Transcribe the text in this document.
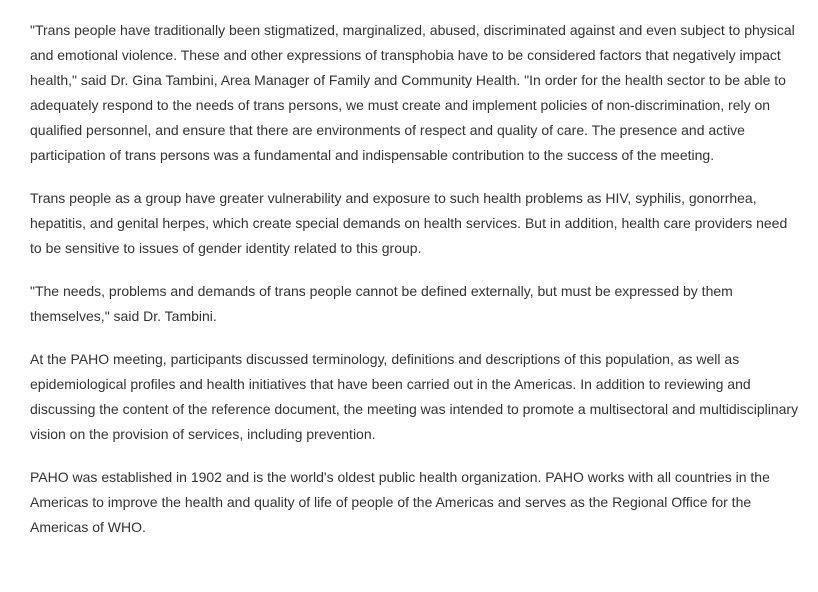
"Trans people have traditionally been stigmatized, marginalized, abused, discriminated against and even subject to physical and emotional violence. These and other expressions of transphobia have to be considered factors that negatively impact health," said Dr. Gina Tambini, Area Manager of Family and Community Health. "In order for the health sector to be able to adequately respond to the needs of trans persons, we must create and implement policies of non-discrimination, rely on qualified personnel, and ensure that there are environments of respect and quality of care. The presence and active participation of trans persons was a fundamental and indispensable contribution to the success of the meeting.

Trans people as a group have greater vulnerability and exposure to such health problems as HIV, syphilis, gonorrhea, hepatitis, and genital herpes, which create special demands on health services. But in addition, health care providers need to be sensitive to issues of gender identity related to this group.

"The needs, problems and demands of trans people cannot be defined externally, but must be expressed by them themselves," said Dr. Tambini.

At the PAHO meeting, participants discussed terminology, definitions and descriptions of this population, as well as epidemiological profiles and health initiatives that have been carried out in the Americas. In addition to reviewing and discussing the content of the reference document, the meeting was intended to promote a multisectoral and multidisciplinary vision on the provision of services, including prevention.

PAHO was established in 1902 and is the world's oldest public health organization. PAHO works with all countries in the Americas to improve the health and quality of life of people of the Americas and serves as the Regional Office for the Americas of WHO.
